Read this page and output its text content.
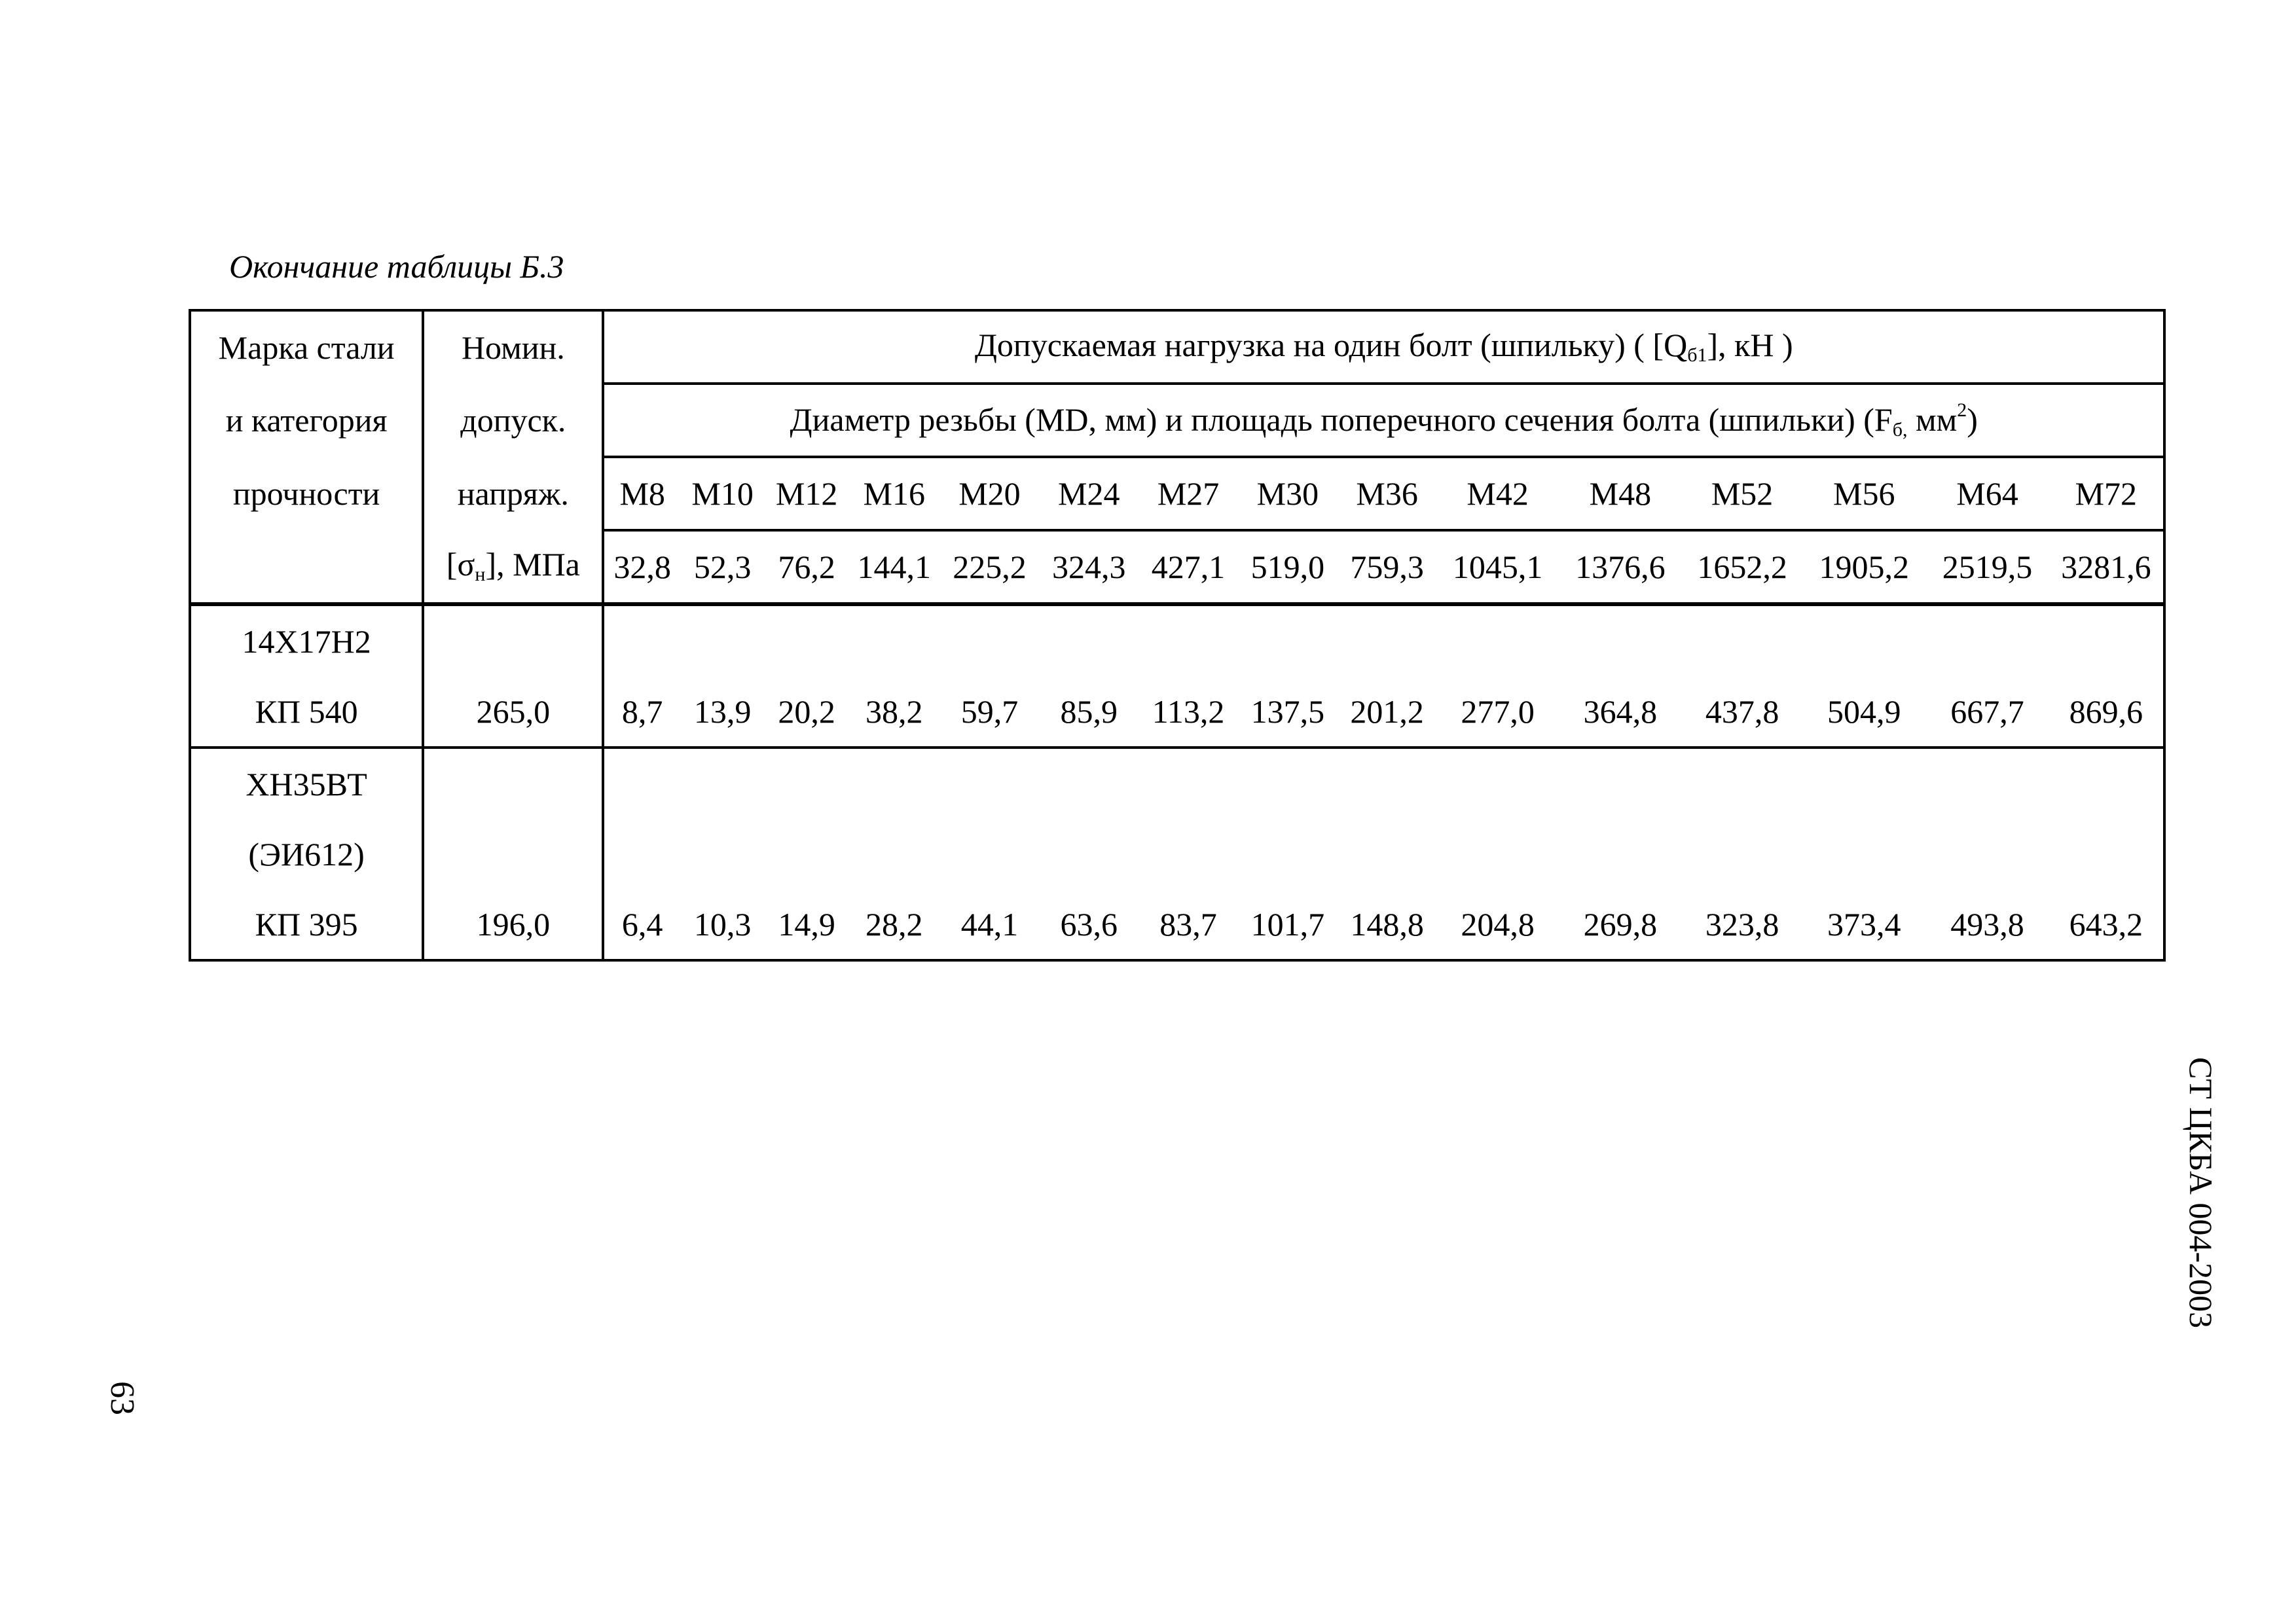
Окончание таблицы Б.3
Марка стали	Номин.	Допускаемая нагрузка на один болт (шпильку) ( $[Q_{б1}]$, кН )														
и категория	допуск.	Диаметр резьбы (MD, мм) и площадь поперечного сечения болта (шпильки) ($F_{б,}$ $мм^2$)														
прочности	напряж.	М8	М10	М12	М16	М20	М24	М27	М30	М36	М42	М48	М52	М56	М64	М72
	$[\sigma_н]$, МПа	32,8	52,3	76,2	144,1	225,2	324,3	427,1	519,0	759,3	1045,1	1376,6	1652,2	1905,2	2519,5	3281,6
14Х17Н2																
КП 540	265,0	8,7	13,9	20,2	38,2	59,7	85,9	113,2	137,5	201,2	277,0	364,8	437,8	504,9	667,7	869,6
ХН35ВТ																
(ЭИ612)																
КП 395	196,0	6,4	10,3	14,9	28,2	44,1	63,6	83,7	101,7	148,8	204,8	269,8	323,8	373,4	493,8	643,2
СТ ЦКБА 004-2003
63
